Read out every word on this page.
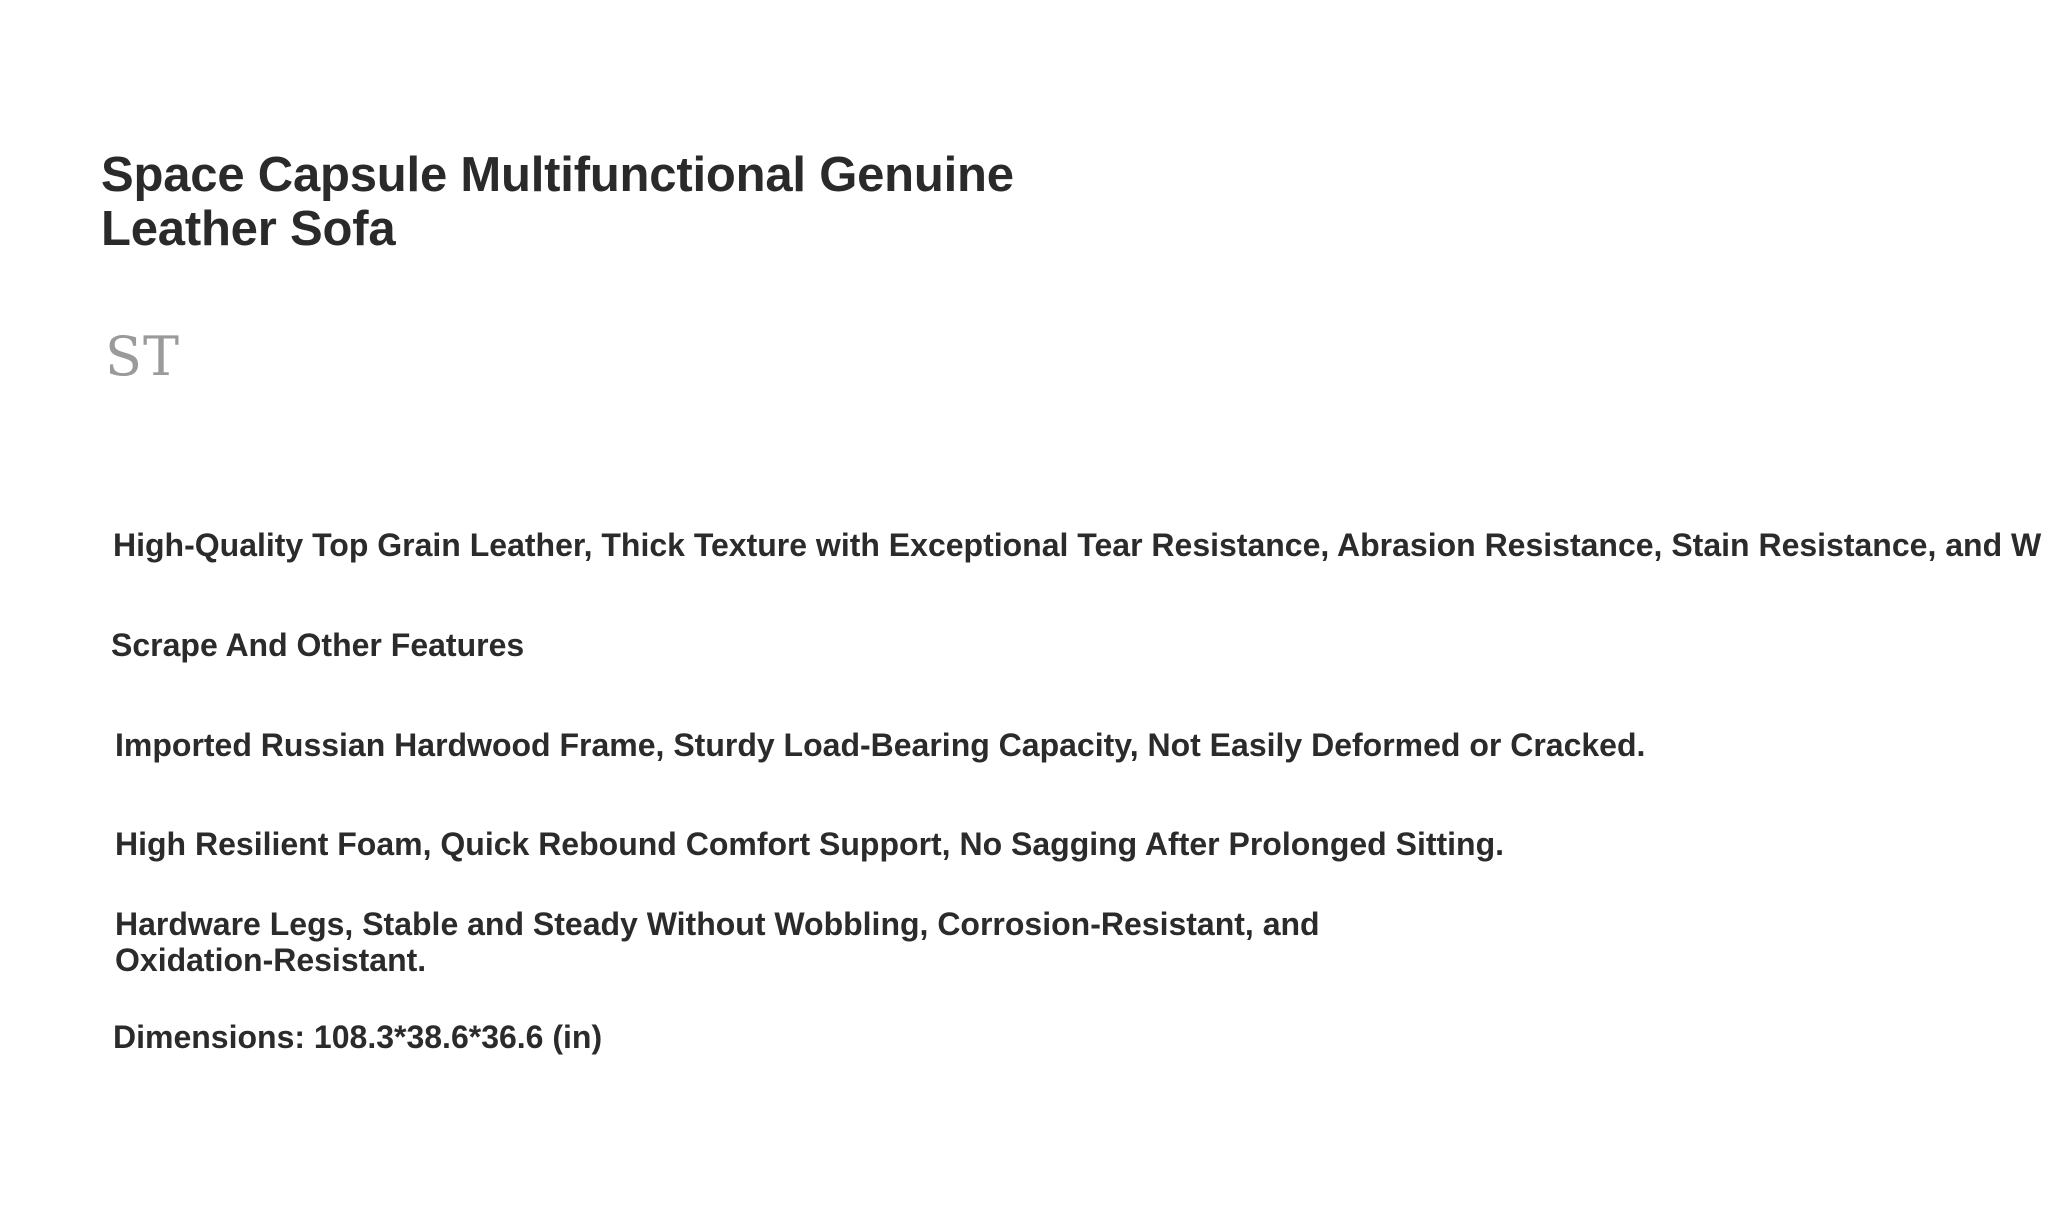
Space Capsule Multifunctional Genuine Leather Sofa
ST

High-Quality Top Grain Leather, Thick Texture with Exceptional Tear Resistance, Abrasion Resistance, Stain Resistance, and W

Scrape And Other Features

Imported Russian Hardwood Frame, Sturdy Load-Bearing Capacity, Not Easily Deformed or Cracked.

High Resilient Foam, Quick Rebound Comfort Support, No Sagging After Prolonged Sitting.

Hardware Legs, Stable and Steady Without Wobbling, Corrosion-Resistant, and Oxidation-Resistant.

Dimensions: 108.3*38.6*36.6 (in)
